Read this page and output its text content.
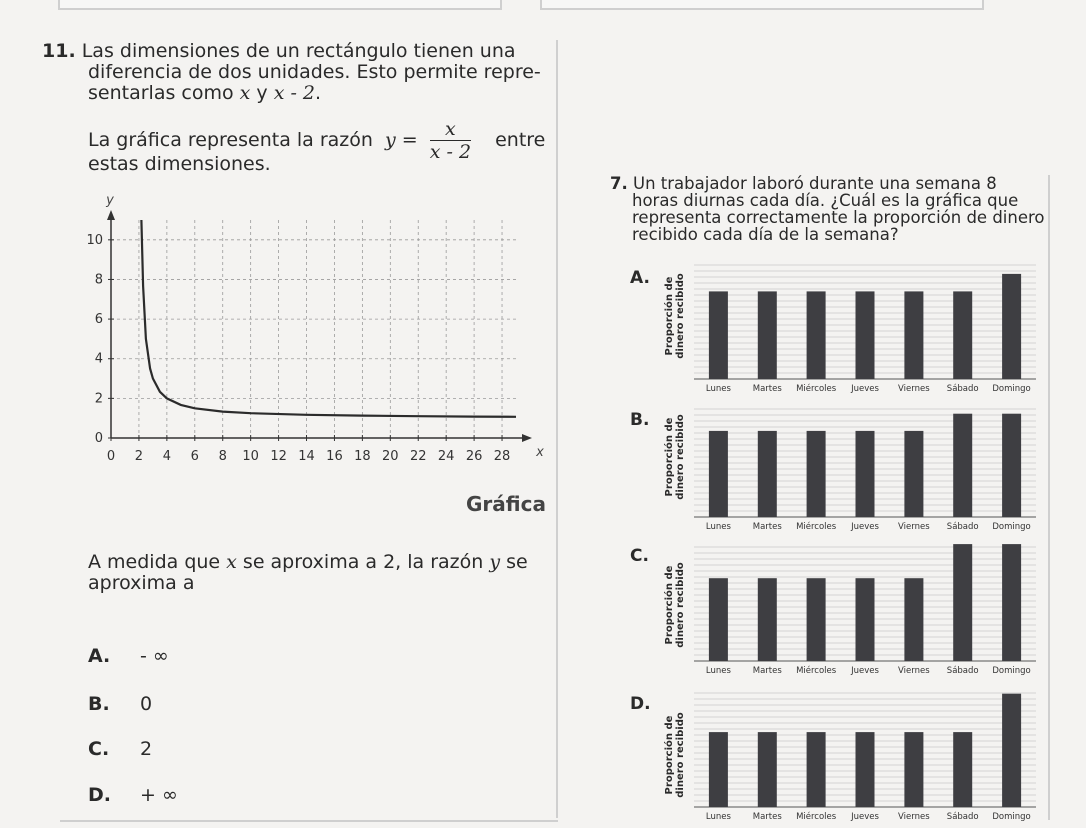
11. Las dimensiones de un rectángulo tienen una
diferencia de dos unidades. Esto permite repre-
sentarlas como x y x - 2.
La gráfica representa la razón $y = \frac{x}{x - 2}$ entre
estas dimensiones.
y
x
0 2 4 6 8 10 12 14 16 18 20 22 24 26 28
0
2
4
6
8
10
Gráfica
A medida que x se aproxima a 2, la razón y se
aproxima a
A. - ∞
B. 0
C. 2
D. + ∞
7. Un trabajador laboró durante una semana 8
horas diurnas cada día. ¿Cuál es la gráfica que
representa correctamente la proporción de dinero
recibido cada día de la semana?
A.
B.
C.
D.
Proporción de dinero recibido
Proporción de dinero recibido
Proporción de dinero recibido
Proporción de dinero recibido
Lunes	Martes Miércoles Jueves Viernes Sábado Domingo
Lunes	Martes Miércoles Jueves Viernes Sábado Domingo
Lunes	Martes Miércoles Jueves Viernes Sábado Domingo
Lunes	Martes Miércoles Jueves Viernes Sábado Domingo
